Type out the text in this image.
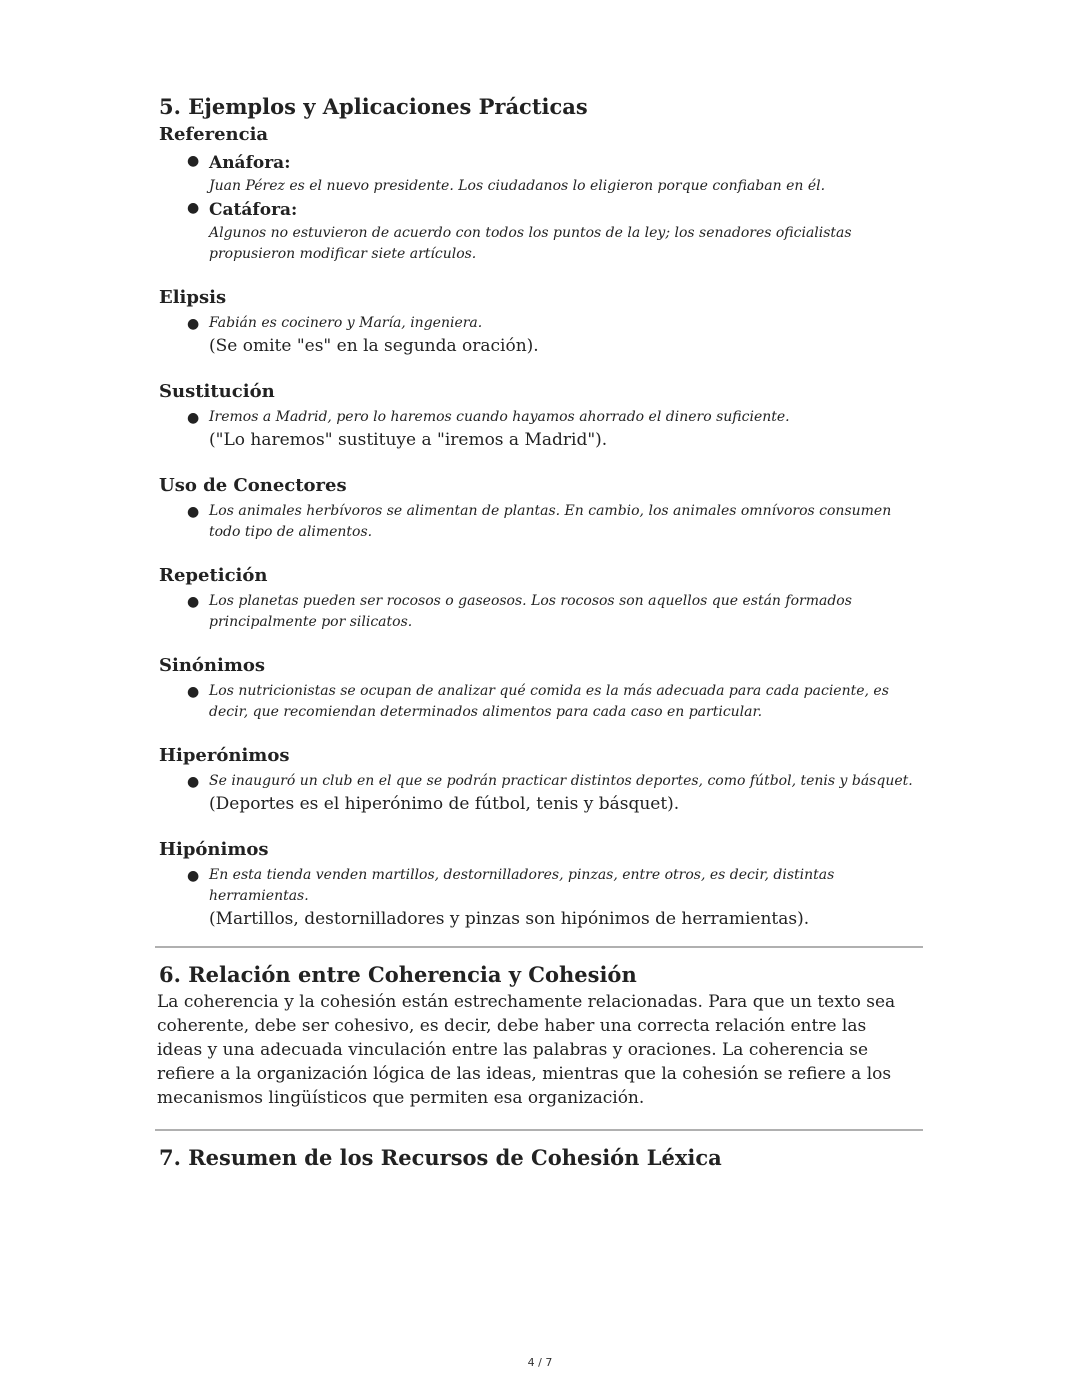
5. Ejemplos y Aplicaciones Prácticas
Referencia
● Anáfora:
Juan Pérez es el nuevo presidente. Los ciudadanos lo eligieron porque confiaban en él.
● Catáfora:
Algunos no estuvieron de acuerdo con todos los puntos de la ley; los senadores oficialistas propusieron modificar siete artículos.
Elipsis
● Fabián es cocinero y María, ingeniera.
(Se omite "es" en la segunda oración).
Sustitución
● Iremos a Madrid, pero lo haremos cuando hayamos ahorrado el dinero suficiente.
("Lo haremos" sustituye a "iremos a Madrid").
Uso de Conectores
● Los animales herbívoros se alimentan de plantas. En cambio, los animales omnívoros consumen todo tipo de alimentos.
Repetición
● Los planetas pueden ser rocosos o gaseosos. Los rocosos son aquellos que están formados principalmente por silicatos.
Sinónimos
● Los nutricionistas se ocupan de analizar qué comida es la más adecuada para cada paciente, es decir, que recomiendan determinados alimentos para cada caso en particular.
Hiperónimos
● Se inauguró un club en el que se podrán practicar distintos deportes, como fútbol, tenis y básquet.
(Deportes es el hiperónimo de fútbol, tenis y básquet).
Hipónimos
● En esta tienda venden martillos, destornilladores, pinzas, entre otros, es decir, distintas herramientas.
(Martillos, destornilladores y pinzas son hipónimos de herramientas).
6. Relación entre Coherencia y Cohesión

La coherencia y la cohesión están estrechamente relacionadas. Para que un texto sea coherente, debe ser cohesivo, es decir, debe haber una correcta relación entre las ideas y una adecuada vinculación entre las palabras y oraciones. La coherencia se refiere a la organización lógica de las ideas, mientras que la cohesión se refiere a los mecanismos lingüísticos que permiten esa organización.

7. Resumen de los Recursos de Cohesión Léxica
4 / 7
